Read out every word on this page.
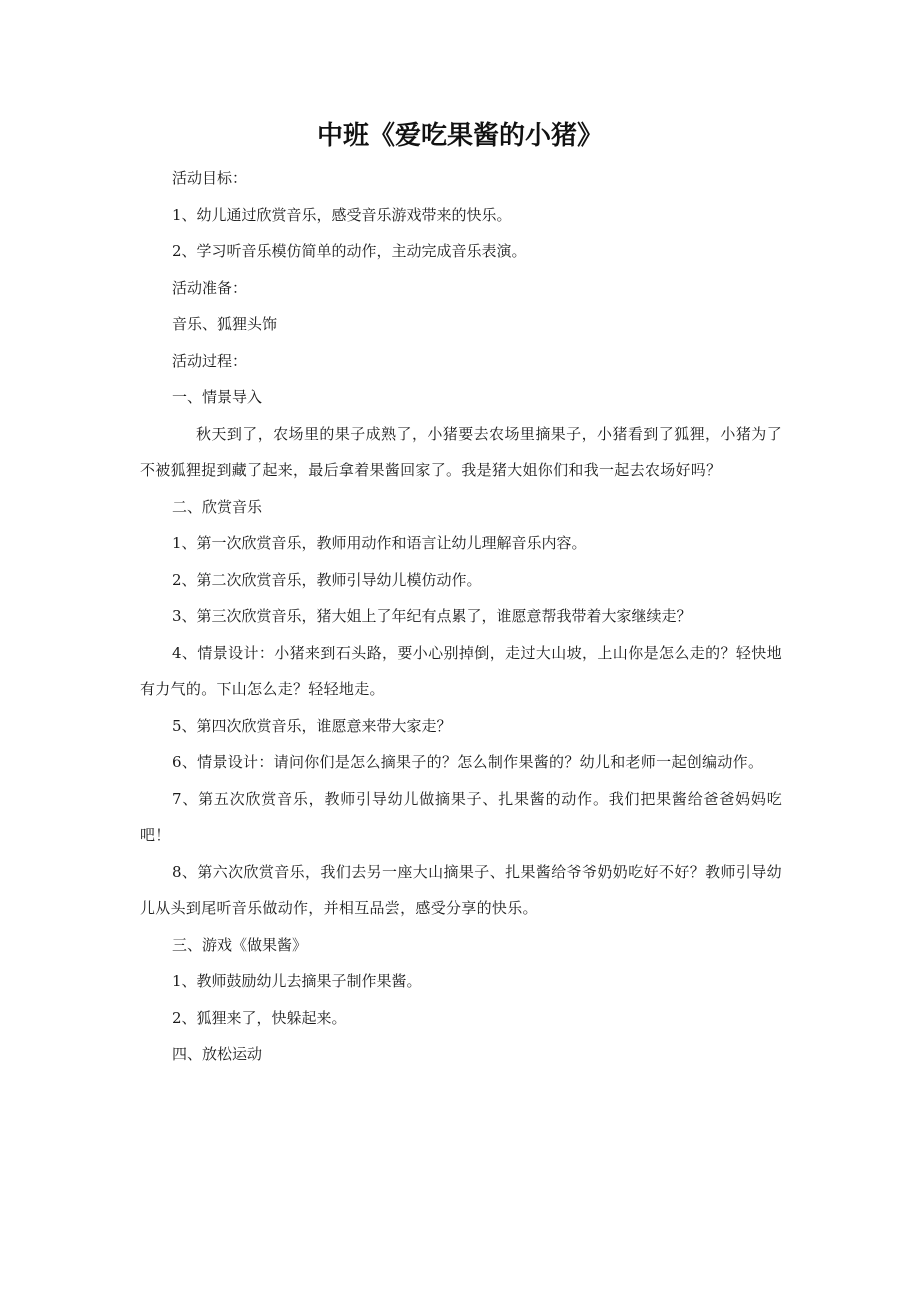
中班《爱吃果酱的小猪》
活动目标：
1、幼儿通过欣赏音乐，感受音乐游戏带来的快乐。
2、学习听音乐模仿简单的动作，主动完成音乐表演。
活动准备：
音乐、狐狸头饰
活动过程：
一、情景导入
秋天到了，农场里的果子成熟了，小猪要去农场里摘果子，小猪看到了狐狸，小猪为了不被狐狸捉到藏了起来，最后拿着果酱回家了。我是猪大姐你们和我一起去农场好吗？
二、欣赏音乐
1、第一次欣赏音乐，教师用动作和语言让幼儿理解音乐内容。
2、第二次欣赏音乐，教师引导幼儿模仿动作。
3、第三次欣赏音乐，猪大姐上了年纪有点累了，谁愿意帮我带着大家继续走？
4、情景设计：小猪来到石头路，要小心别掉倒，走过大山坡，上山你是怎么走的？轻快地有力气的。下山怎么走？轻轻地走。
5、第四次欣赏音乐，谁愿意来带大家走？
6、情景设计：请问你们是怎么摘果子的？怎么制作果酱的？幼儿和老师一起创编动作。
7、第五次欣赏音乐，教师引导幼儿做摘果子、扎果酱的动作。我们把果酱给爸爸妈妈吃吧！
8、第六次欣赏音乐，我们去另一座大山摘果子、扎果酱给爷爷奶奶吃好不好？教师引导幼儿从头到尾听音乐做动作，并相互品尝，感受分享的快乐。
三、游戏《做果酱》
1、教师鼓励幼儿去摘果子制作果酱。
2、狐狸来了，快躲起来。
四、放松运动
